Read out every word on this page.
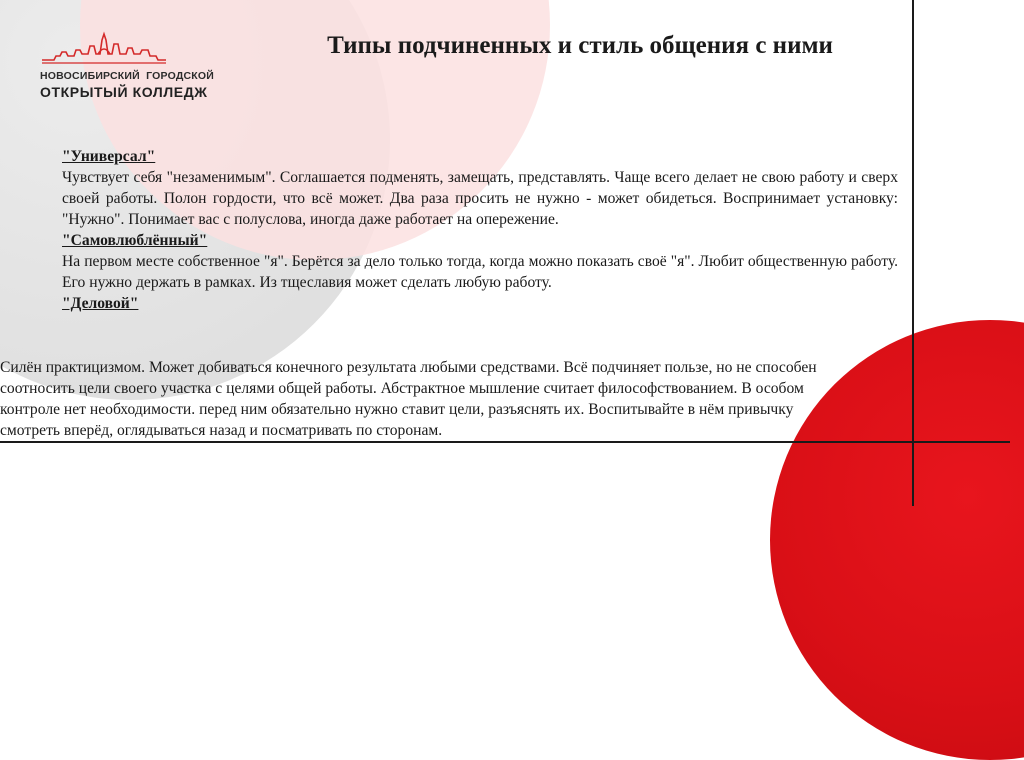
НОВОСИБИРСКИЙ ГОРОДСКОЙ
ОТКРЫТЫЙ КОЛЛЕДЖ
Типы подчиненных и стиль общения с ними

"Универсал"

Чувствует себя "незаменимым". Соглашается подменять, замещать, представлять. Чаще всего делает не свою работу и сверх своей работы. Полон гордости, что всё может. Два раза просить не нужно - может обидеться. Воспринимает установку: "Нужно". Понимает вас с полуслова, иногда даже работает на опережение.

"Самовлюблённый"

На первом месте собственное "я". Берётся за дело только тогда, когда можно показать своё "я". Любит общественную работу. Его нужно держать в рамках. Из тщеславия может сделать любую работу.

"Деловой"

Силён практицизмом. Может добиваться конечного результата любыми средствами. Всё подчиняет пользе, но не способен соотносить цели своего участка с целями общей работы. Абстрактное мышление считает философствованием. В особом контроле нет необходимости. перед ним обязательно нужно ставит цели, разъяснять их. Воспитывайте в нём привычку смотреть вперёд, оглядываться назад и посматривать по сторонам.
